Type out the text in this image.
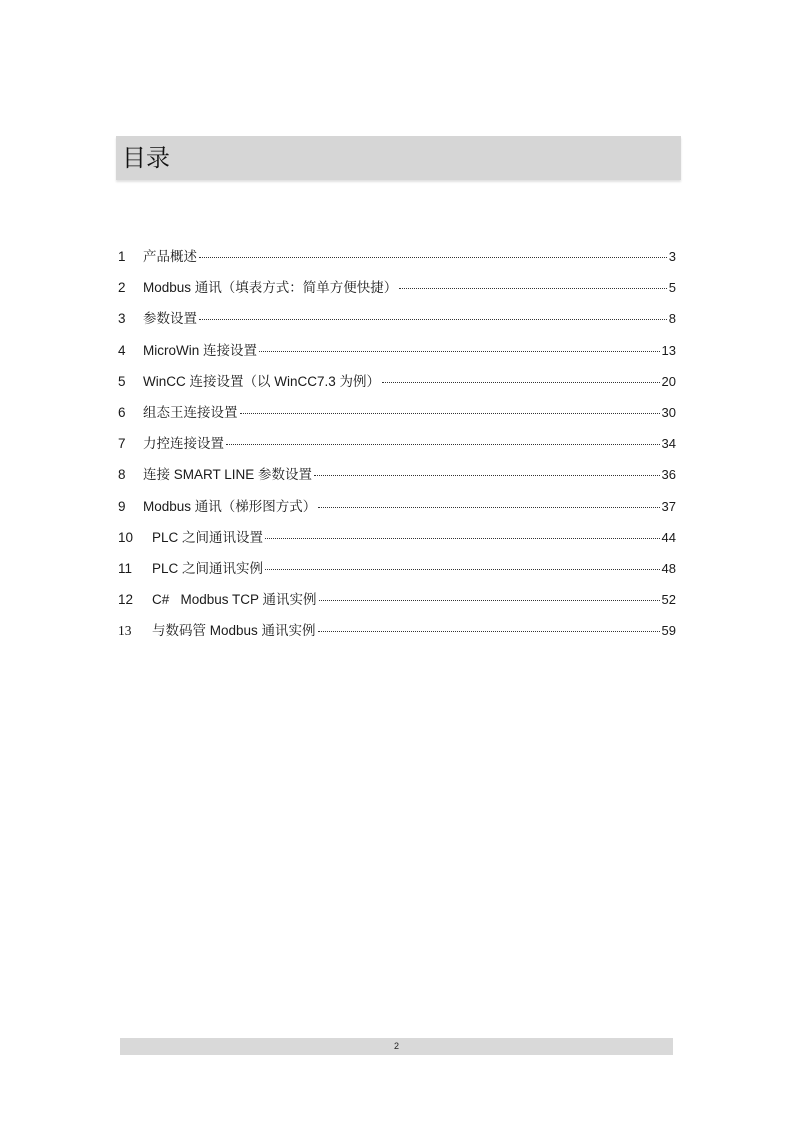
目录
1	产品概述	3
2	Modbus 通讯（填表方式：简单方便快捷）	5
3	参数设置	8
4	MicroWin 连接设置	13
5	WinCC 连接设置（以 WinCC7.3 为例）	20
6	组态王连接设置	30
7	力控连接设置	34
8	连接 SMART LINE 参数设置	36
9	Modbus 通讯（梯形图方式）	37
10	PLC 之间通讯设置	44
11	PLC 之间通讯实例	48
12	C#   Modbus TCP 通讯实例	52
13	与数码管 Modbus 通讯实例	59
2
